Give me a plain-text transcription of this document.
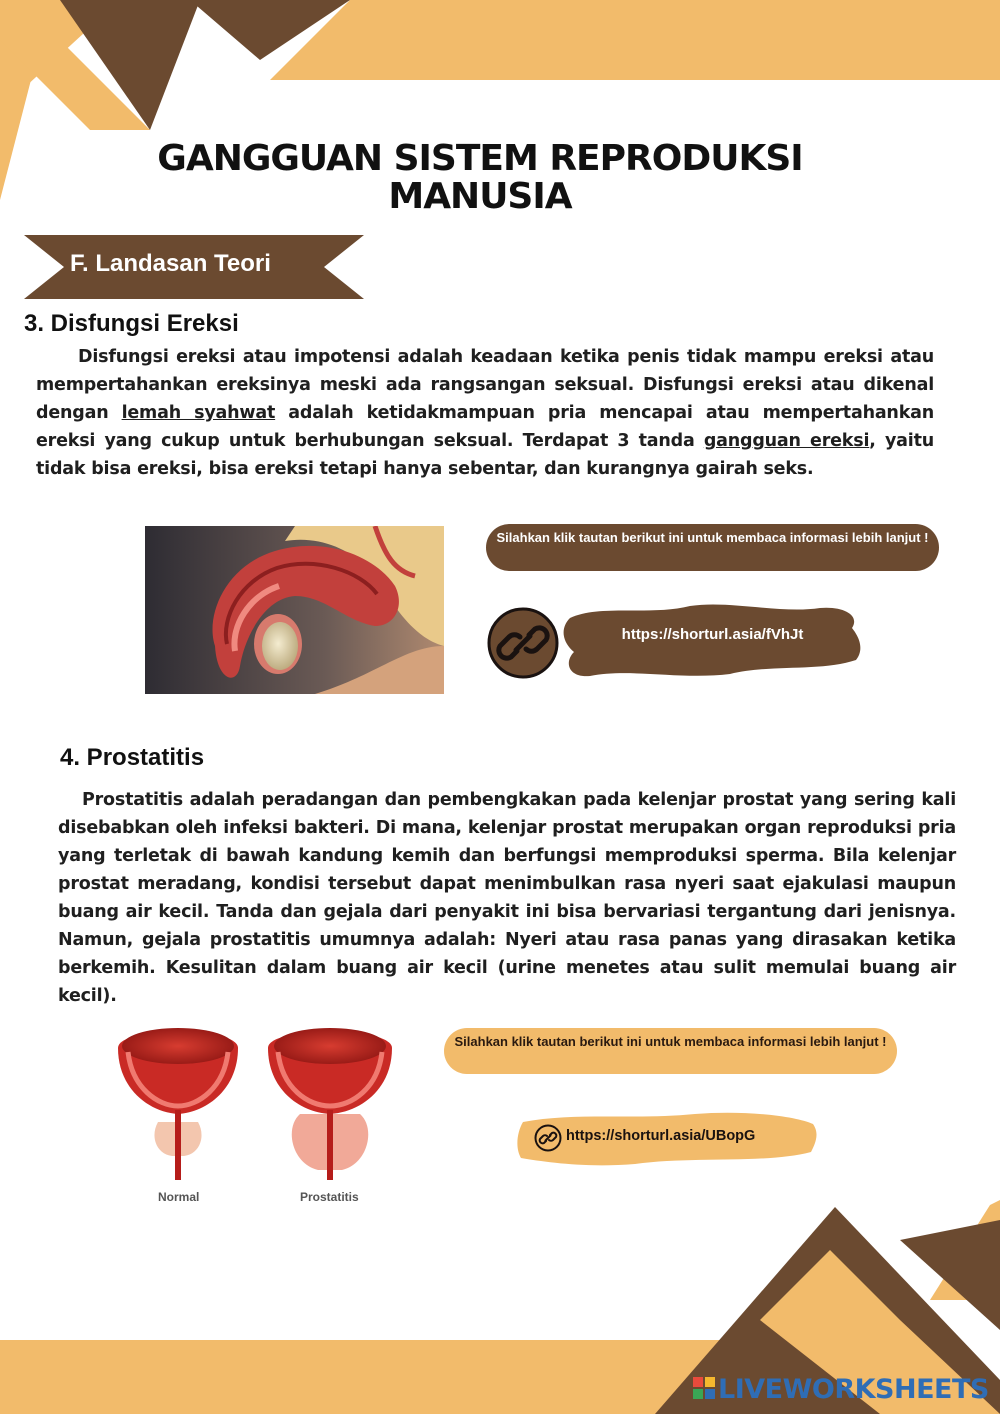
GANGGUAN SISTEM REPRODUKSI
MANUSIA
F. Landasan Teori
3. Disfungsi Ereksi
Disfungsi ereksi atau impotensi adalah keadaan ketika penis tidak mampu ereksi atau mempertahankan ereksinya meski ada rangsangan seksual. Disfungsi ereksi atau dikenal dengan lemah syahwat adalah ketidakmampuan pria mencapai atau mempertahankan ereksi yang cukup untuk berhubungan seksual. Terdapat 3 tanda gangguan ereksi, yaitu tidak bisa ereksi, bisa ereksi tetapi hanya sebentar, dan kurangnya gairah seks.
Silahkan klik tautan berikut ini untuk membaca informasi lebih lanjut !
https://shorturl.asia/fVhJt
4. Prostatitis
Prostatitis adalah peradangan dan pembengkakan pada kelenjar prostat yang sering kali disebabkan oleh infeksi bakteri. Di mana, kelenjar prostat merupakan organ reproduksi pria yang terletak di bawah kandung kemih dan berfungsi memproduksi sperma. Bila kelenjar prostat meradang, kondisi tersebut dapat menimbulkan rasa nyeri saat ejakulasi maupun buang air kecil. Tanda dan gejala dari penyakit ini bisa bervariasi tergantung dari jenisnya. Namun, gejala prostatitis umumnya adalah: Nyeri atau rasa panas yang dirasakan ketika berkemih. Kesulitan dalam buang air kecil (urine menetes atau sulit memulai buang air kecil).
Normal	Prostatitis
Silahkan klik tautan berikut ini untuk membaca informasi lebih lanjut !
https://shorturl.asia/UBopG
LIVEWORKSHEETS
